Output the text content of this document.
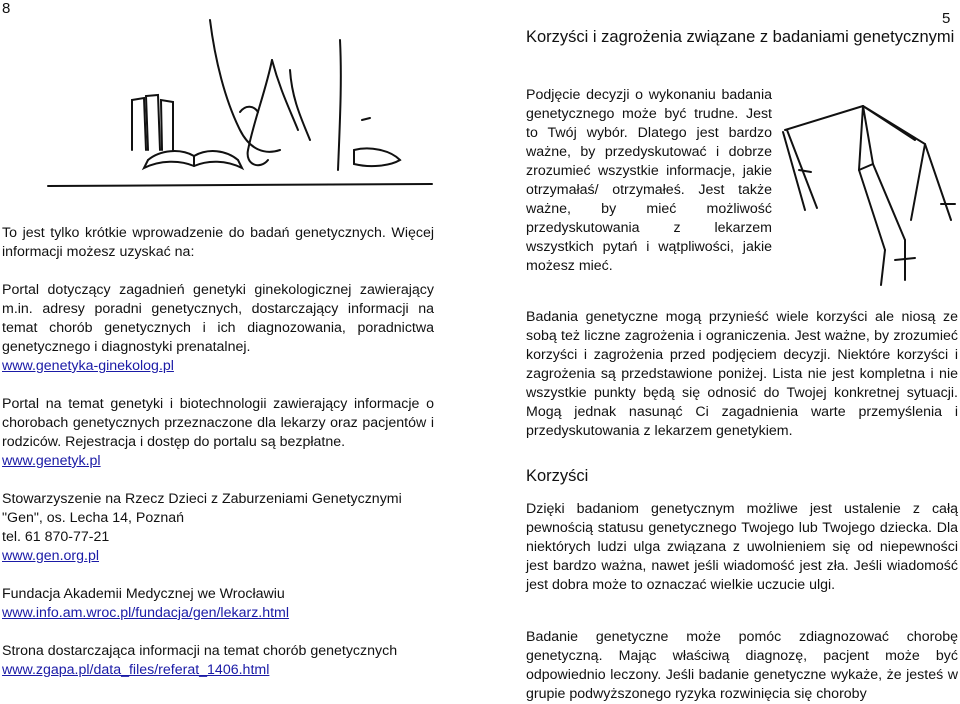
8
5

To jest tylko krótkie wprowadzenie do badań genetycznych. Więcej informacji możesz uzyskać na:

Portal dotyczący zagadnień genetyki ginekologicznej zawierający m.in. adresy poradni genetycznych, dostarczający informacji na temat chorób genetycznych i ich diagnozowania, poradnictwa genetycznego i diagnostyki prenatalnej.

www.genetyka-ginekolog.pl

Portal na temat genetyki i biotechnologii zawierający informacje o chorobach genetycznych przeznaczone dla lekarzy oraz pacjentów i rodziców. Rejestracja i dostęp do portalu są bezpłatne.

www.genetyk.pl

Stowarzyszenie na Rzecz Dzieci z Zaburzeniami Genetycznymi "Gen", os. Lecha 14, Poznań

tel. 61 870-77-21

www.gen.org.pl

Fundacja Akademii Medycznej we Wrocławiu

www.info.am.wroc.pl/fundacja/gen/lekarz.html

Strona dostarczająca informacji na temat chorób genetycznych

www.zgapa.pl/data_files/referat_1406.html
Korzyści i zagrożenia związane z badaniami genetycznymi
Podjęcie decyzji o wykonaniu badania genetycznego może być trudne. Jest to Twój wybór. Dlatego jest bardzo ważne, by przedyskutować i dobrze zrozumieć wszystkie informacje, jakie otrzymałaś/ otrzymałeś. Jest także ważne, by mieć możliwość przedyskutowania z lekarzem wszystkich pytań i wątpliwości, jakie możesz mieć.
Badania genetyczne mogą przynieść wiele korzyści ale niosą ze sobą też liczne zagrożenia i ograniczenia. Jest ważne, by zrozumieć korzyści i zagrożenia przed podjęciem decyzji. Niektóre korzyści i zagrożenia są przedstawione poniżej. Lista nie jest kompletna i nie wszystkie punkty będą się odnosić do Twojej konkretnej sytuacji. Mogą jednak nasunąć Ci zagadnienia warte przemyślenia i przedyskutowania z lekarzem genetykiem.
Korzyści
Dzięki badaniom genetycznym możliwe jest ustalenie z całą pewnością statusu genetycznego Twojego lub Twojego dziecka. Dla niektórych ludzi ulga związana z uwolnieniem się od niepewności jest bardzo ważna, nawet jeśli wiadomość jest zła. Jeśli wiadomość jest dobra może to oznaczać wielkie uczucie ulgi.
Badanie genetyczne może pomóc zdiagnozować chorobę genetyczną. Mając właściwą diagnozę, pacjent może być odpowiednio leczony. Jeśli badanie genetyczne wykaże, że jesteś w grupie podwyższonego ryzyka rozwinięcia się choroby
